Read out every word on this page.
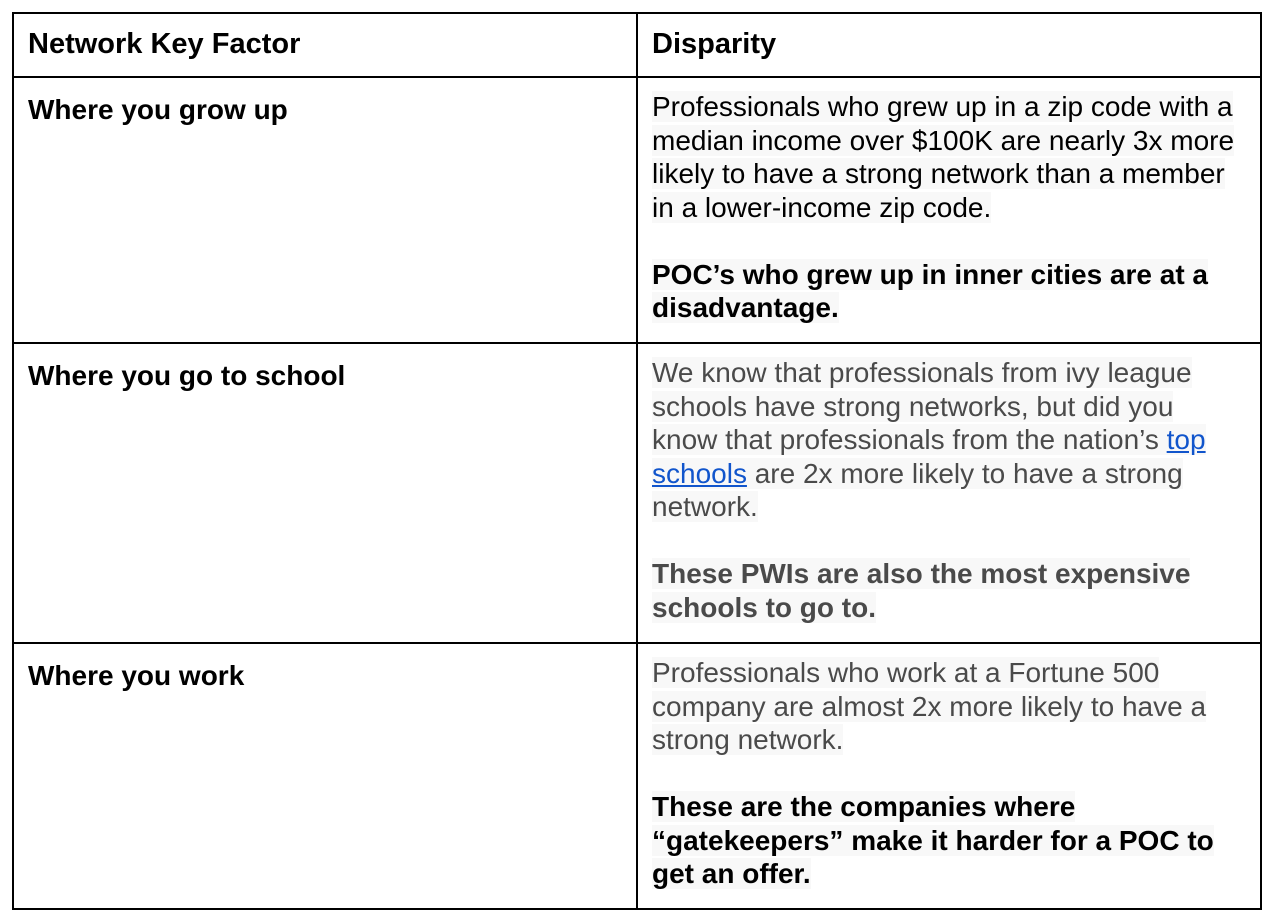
Network Key Factor	Disparity
Where you grow up	Professionals who grew up in a zip code with a median income over $100K are nearly 3x more likely to have a strong network than a member in a lower-income zip code.
POC’s who grew up in inner cities are at a disadvantage.
Where you go to school	We know that professionals from ivy league schools have strong networks, but did you know that professionals from the nation’s top schools are 2x more likely to have a strong network.
These PWIs are also the most expensive schools to go to.
Where you work	Professionals who work at a Fortune 500 company are almost 2x more likely to have a strong network.
These are the companies where “gatekeepers” make it harder for a POC to get an offer.
